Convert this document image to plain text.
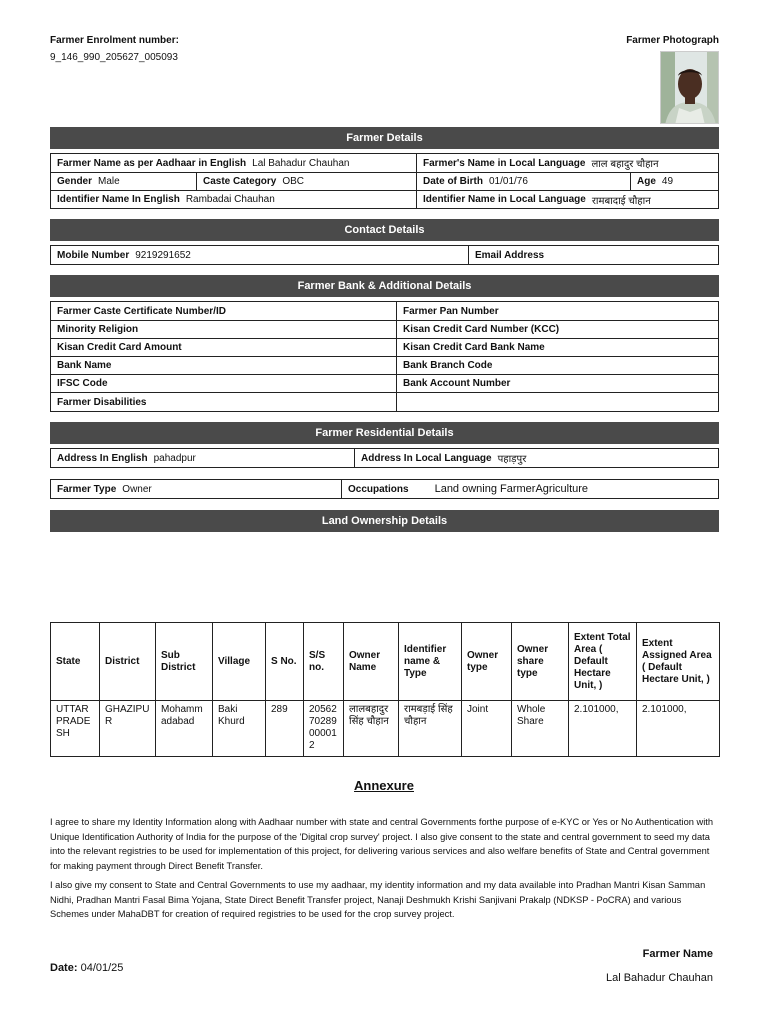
Farmer Enrolment number:
9_146_990_205627_005093
Farmer Photograph
Farmer Details
Farmer Name as per Aadhaar in English Lal Bahadur Chauhan	Farmer's Name in Local Language लाल बहादुर चौहान
Gender Male	Caste Category OBC	Date of Birth 01/01/76	Age 49
Identifier Name In English Rambadai Chauhan	Identifier Name in Local Language रामबादाई चौहान
Contact Details
Mobile Number 9219291652	Email Address
Farmer Bank & Additional Details
Farmer Caste Certificate Number/ID	Farmer Pan Number
Minority Religion	Kisan Credit Card Number (KCC)
Kisan Credit Card Amount	Kisan Credit Card Bank Name
Bank Name	Bank Branch Code
IFSC Code	Bank Account Number
Farmer Disabilities
Farmer Residential Details
Address In English pahadpur	Address In Local Language पहाड़पुर
Farmer Type Owner	Occupations Land owning FarmerAgriculture
Land Ownership Details
State	District	Sub District	Village	S No.	S/S no.	Owner Name	Identifier name & Type	Owner type	Owner share type	Extent Total Area ( Default Hectare Unit, )	Extent Assigned Area ( Default Hectare Unit, )
UTTAR PRADESH	GHAZIPUR	Mohammadabad	Baki Khurd	289	2056270289000012	लालबहादुर सिंह चौहान	रामबड़ाई सिंह चौहान	Joint	Whole Share	2.101000,	2.101000,
Annexure
I agree to share my Identity Information along with Aadhaar number with state and central Governments forthe purpose of e-KYC or Yes or No Authentication with Unique Identification Authority of India for the purpose of the 'Digital crop survey' project. I also give consent to the state and central government to seed my data into the relevant registries to be used for implementation of this project, for delivering various services and also welfare benefits of State and Central government for making payment through Direct Benefit Transfer.
I also give my consent to State and Central Governments to use my aadhaar, my identity information and my data available into Pradhan Mantri Kisan Samman Nidhi, Pradhan Mantri Fasal Bima Yojana, State Direct Benefit Transfer project, Nanaji Deshmukh Krishi Sanjivani Prakalp (NDKSP - PoCRA) and various Schemes under MahaDBT for creation of required registries to be used for the crop survey project.
Date: 04/01/25
Farmer Name
Lal Bahadur Chauhan
